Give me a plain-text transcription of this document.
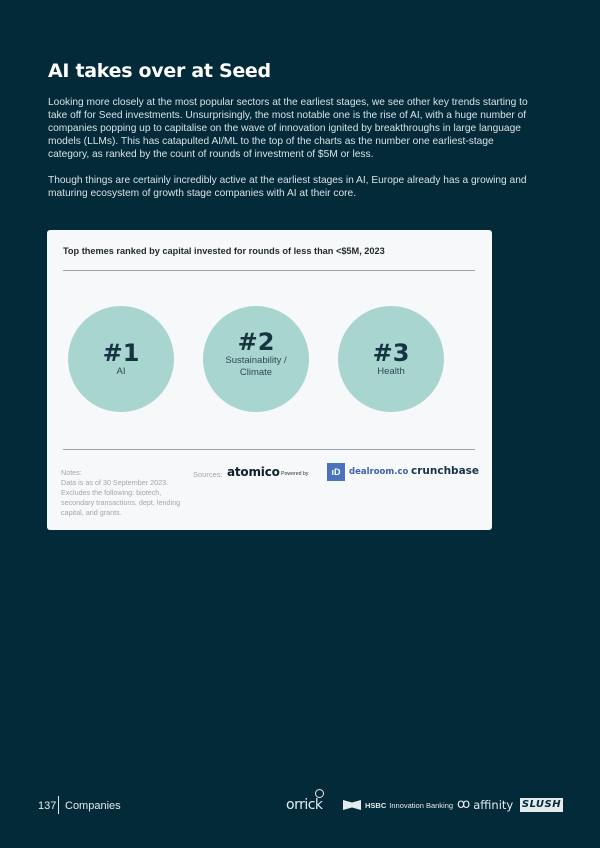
AI takes over at Seed

Looking more closely at the most popular sectors at the earliest stages, we see other key trends starting to take off for Seed investments. Unsurprisingly, the most notable one is the rise of AI, with a huge number of companies popping up to capitalise on the wave of innovation ignited by breakthroughs in large language models (LLMs). This has catapulted AI/ML to the top of the charts as the number one earliest-stage category, as ranked by the count of rounds of investment of $5M or less.

Though things are certainly incredibly active at the earliest stages in AI, Europe already has a growing and maturing ecosystem of growth stage companies with AI at their core.

Top themes ranked by capital invested for rounds of less than <$5M, 2023
#1
AI
#2
Sustainability / Climate
#3
Health
Notes:
Data is as of 30 September 2023. Excludes the following: biotech, secondary transactions, dept, lending capital, and grants.
Sources: atomico Powered by	ıD	dealroom.co crunchbase
137 Companies	orrick	HSBC Innovation Banking ꝏ affinity SLUSH
